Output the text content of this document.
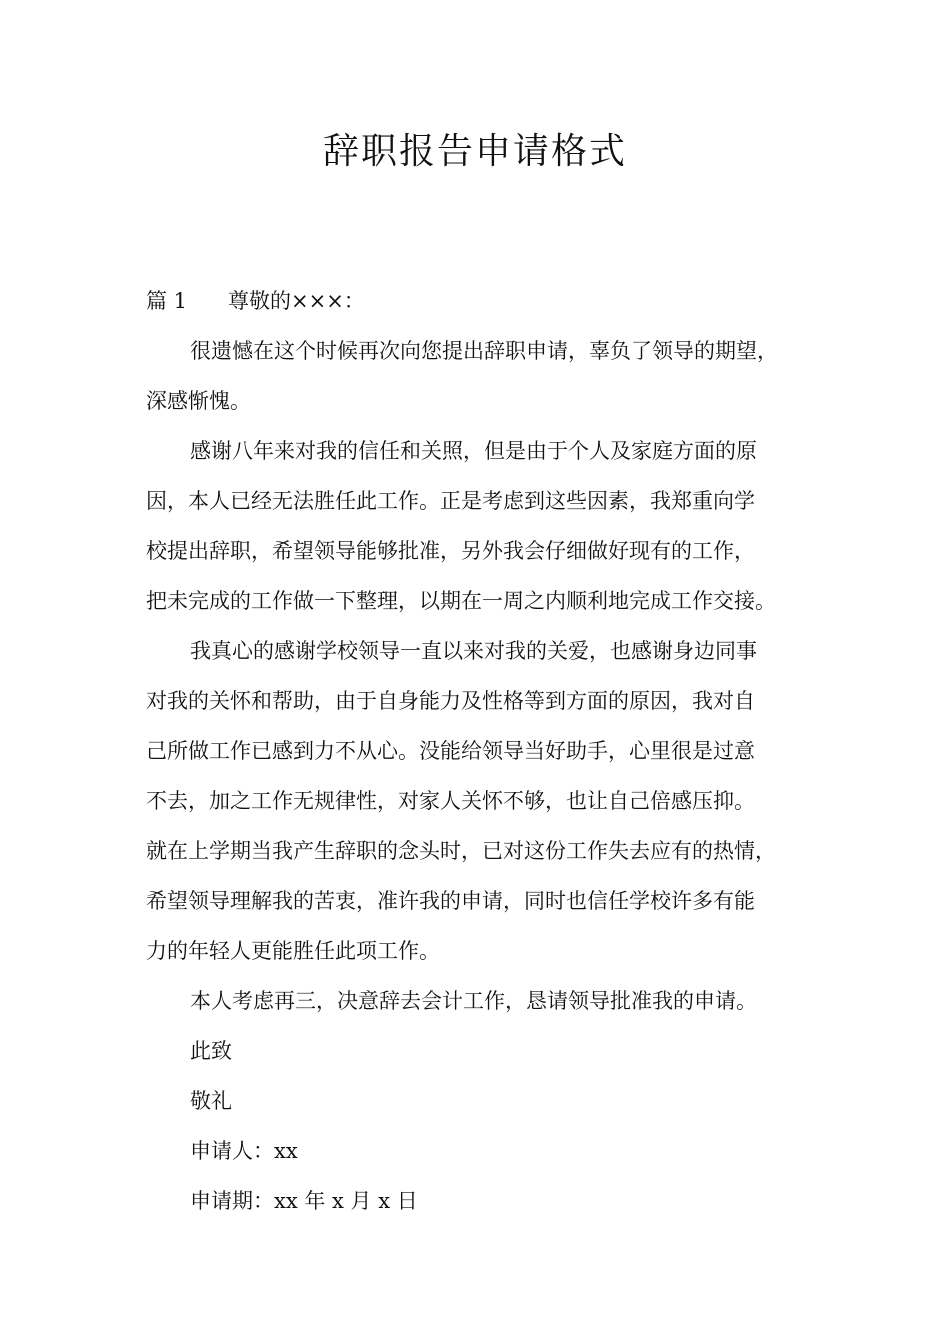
辞职报告申请格式
篇 1 尊敬的×××：
很遗憾在这个时候再次向您提出辞职申请，辜负了领导的期望，
深感惭愧。
感谢八年来对我的信任和关照，但是由于个人及家庭方面的原
因，本人已经无法胜任此工作。正是考虑到这些因素，我郑重向学
校提出辞职，希望领导能够批准，另外我会仔细做好现有的工作，
把未完成的工作做一下整理，以期在一周之内顺利地完成工作交接。
我真心的感谢学校领导一直以来对我的关爱，也感谢身边同事
对我的关怀和帮助，由于自身能力及性格等到方面的原因，我对自
己所做工作已感到力不从心。没能给领导当好助手，心里很是过意
不去，加之工作无规律性，对家人关怀不够，也让自己倍感压抑。
就在上学期当我产生辞职的念头时，已对这份工作失去应有的热情，
希望领导理解我的苦衷，准许我的申请，同时也信任学校许多有能
力的年轻人更能胜任此项工作。
本人考虑再三，决意辞去会计工作，恳请领导批准我的申请。
此致
敬礼
申请人：xx
申请期：xx 年 x 月 x 日
